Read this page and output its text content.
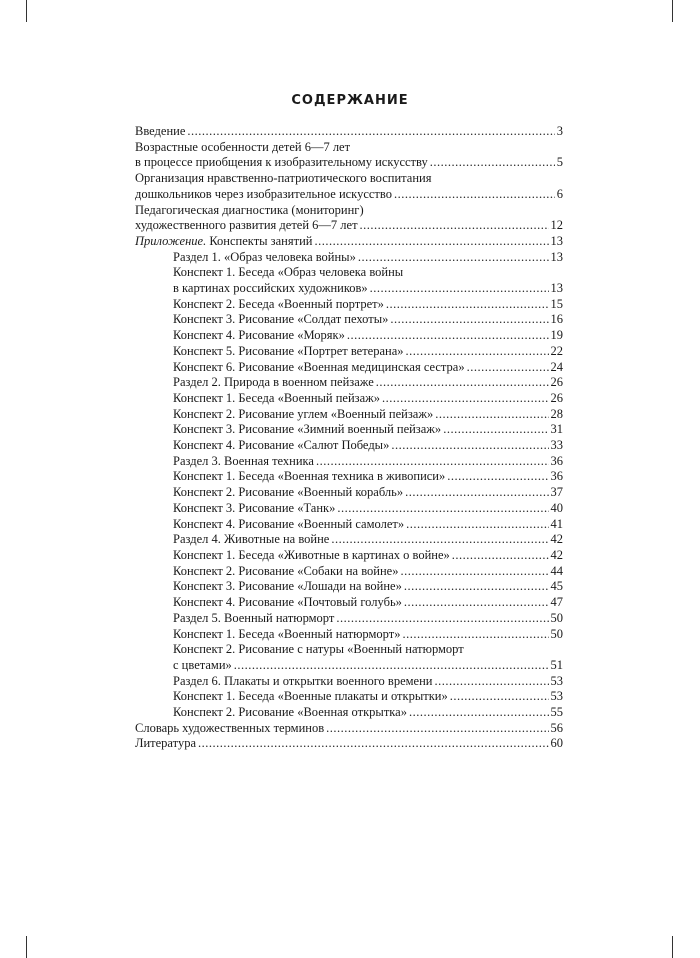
СОДЕРЖАНИЕ
Введение .....	3
Возрастные особенности детей 6—7 лет
в процессе приобщения к изобразительному искусству .....	5
Организация нравственно-патриотического воспитания
дошкольников через изобразительное искусство .....	6
Педагогическая диагностика (мониторинг)
художественного развития детей 6—7 лет .....	12
Приложение. Конспекты занятий .....	13
Раздел 1. «Образ человека войны» .....	13
Конспект 1. Беседа «Образ человека войны
в картинах российских художников» .....	13
Конспект 2. Беседа «Военный портрет» .....	15
Конспект 3. Рисование «Солдат пехоты» .....	16
Конспект 4. Рисование «Моряк» .....	19
Конспект 5. Рисование «Портрет ветерана» .....	22
Конспект 6. Рисование «Военная медицинская сестра» .....	24
Раздел 2. Природа в военном пейзаже .....	26
Конспект 1. Беседа «Военный пейзаж» .....	26
Конспект 2. Рисование углем «Военный пейзаж» .....	28
Конспект 3. Рисование «Зимний военный пейзаж» .....	31
Конспект 4. Рисование «Салют Победы» .....	33
Раздел 3. Военная техника .....	36
Конспект 1. Беседа «Военная техника в живописи» .....	36
Конспект 2. Рисование «Военный корабль» .....	37
Конспект 3. Рисование «Танк» .....	40
Конспект 4. Рисование «Военный самолет» .....	41
Раздел 4. Животные на войне .....	42
Конспект 1. Беседа «Животные в картинах о войне» .....	42
Конспект 2. Рисование «Собаки на войне» .....	44
Конспект 3. Рисование «Лошади на войне» .....	45
Конспект 4. Рисование «Почтовый голубь» .....	47
Раздел 5. Военный натюрморт .....	50
Конспект 1. Беседа «Военный натюрморт» .....	50
Конспект 2. Рисование с натуры «Военный натюрморт
с цветами» .....	51
Раздел 6. Плакаты и открытки военного времени .....	53
Конспект 1. Беседа «Военные плакаты и открытки» .....	53
Конспект 2. Рисование «Военная открытка» .....	55
Словарь художественных терминов .....	56
Литература .....	60
